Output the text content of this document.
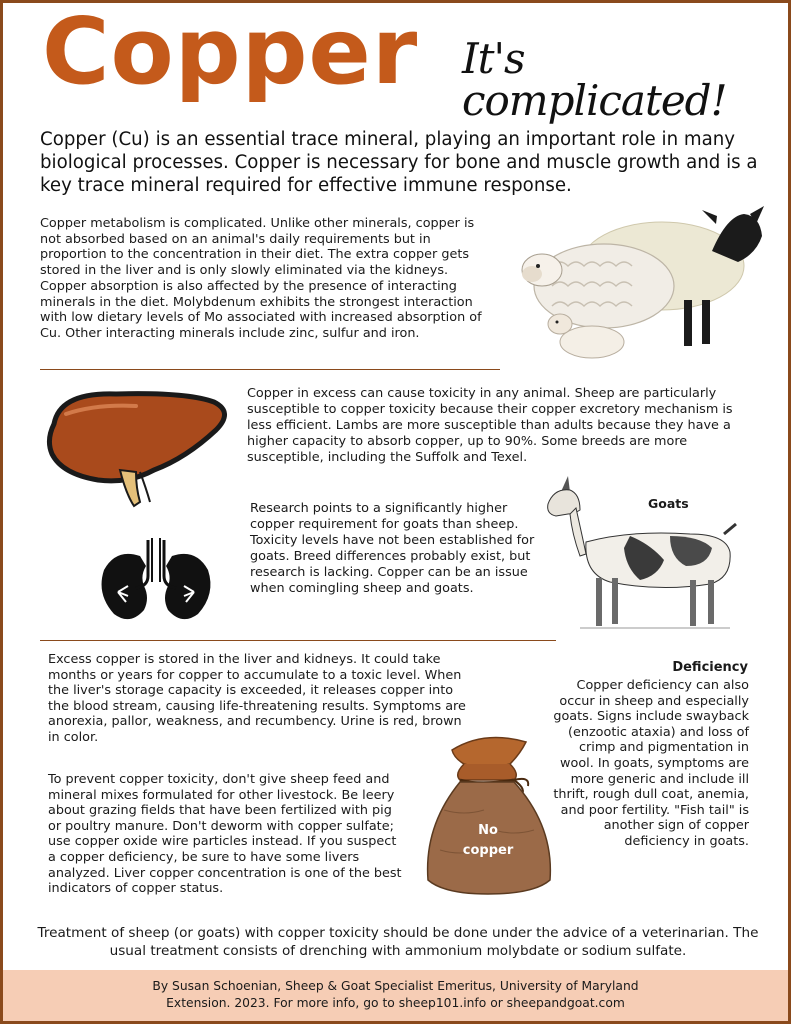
Copper It's complicated!
Copper (Cu) is an essential trace mineral, playing an important role in many biological processes. Copper is necessary for bone and muscle growth and is a key trace mineral required for effective immune response.
Copper metabolism is complicated. Unlike other minerals, copper is not absorbed based on an animal's daily requirements but in proportion to the concentration in their diet. The extra copper gets stored in the liver and is only slowly eliminated via the kidneys. Copper absorption is also affected by the presence of interacting minerals in the diet. Molybdenum exhibits the strongest interaction with low dietary levels of Mo associated with increased absorption of Cu. Other interacting minerals include zinc, sulfur and iron.
Copper in excess can cause toxicity in any animal. Sheep are particularly susceptible to copper toxicity because their copper excretory mechanism is less efficient. Lambs are more susceptible than adults because they have a higher capacity to absorb copper, up to 90%. Some breeds are more susceptible, including the Suffolk and Texel.
Research points to a significantly higher copper requirement for goats than sheep. Toxicity levels have not been established for goats. Breed differences probably exist, but research is lacking. Copper can be an issue when comingling sheep and goats.
Goats
Excess copper is stored in the liver and kidneys. It could take months or years for copper to accumulate to a toxic level. When the liver's storage capacity is exceeded, it releases copper into the blood stream, causing life-threatening results. Symptoms are anorexia, pallor, weakness, and recumbency. Urine is red, brown in color.
To prevent copper toxicity, don't give sheep feed and mineral mixes formulated for other livestock. Be leery about grazing fields that have been fertilized with pig or poultry manure. Don't deworm with copper sulfate; use copper oxide wire particles instead. If you suspect a copper deficiency, be sure to have some livers analyzed. Liver copper concentration is one of the best indicators of copper status.
No
copper
Deficiency
Copper deficiency can also occur in sheep and especially goats. Signs include swayback (enzootic ataxia) and loss of crimp and pigmentation in wool. In goats, symptoms are more generic and include ill thrift, rough dull coat, anemia, and poor fertility. "Fish tail" is another sign of copper deficiency in goats.
Treatment of sheep (or goats) with copper toxicity should be done under the advice of a veterinarian. The usual treatment consists of drenching with ammonium molybdate or sodium sulfate.
By Susan Schoenian, Sheep & Goat Specialist Emeritus, University of Maryland
Extension. 2023. For more info, go to sheep101.info or sheepandgoat.com
